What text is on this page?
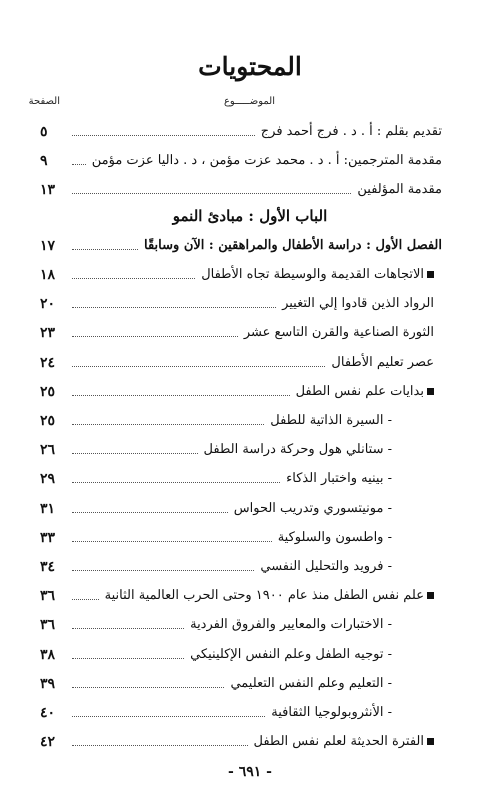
المحتويات
الموضـــــوع
الصفحة
تقديم بقلم : أ . د . فرج أحمد فرج
٥
مقدمة المترجمين: أ . د . محمد عزت مؤمن ، د . داليا عزت مؤمن
٩
مقدمة المؤلفين
١٣
الباب الأول : مبادئ النمو
الفصل الأول : دراسة الأطفال والمراهقين : الآن وسابقًا
١٧
الاتجاهات القديمة والوسيطة تجاه الأطفال
١٨
الرواد الذين قادوا إلي التغيير
٢٠
الثورة الصناعية والقرن التاسع عشر
٢٣
عصر تعليم الأطفال
٢٤
بدايات علم نفس الطفل
٢٥
- السيرة الذاتية للطفل
٢٥
- ستانلي هول وحركة دراسة الطفل
٢٦
- بينيه واختبار الذكاء
٢٩
- مونيتسوري وتدريب الحواس
٣١
- واطسون والسلوكية
٣٣
- فرويد والتحليل النفسي
٣٤
علم نفس الطفل منذ عام ١٩٠٠ وحتى الحرب العالمية الثانية
٣٦
- الاختبارات والمعايير والفروق الفردية
٣٦
- توجيه الطفل وعلم النفس الإكلينيكي
٣٨
- التعليم وعلم النفس التعليمي
٣٩
- الأنثروبولوجيا الثقافية
٤٠
الفترة الحديثة لعلم نفس الطفل
٤٢
- ٦٩١ -
